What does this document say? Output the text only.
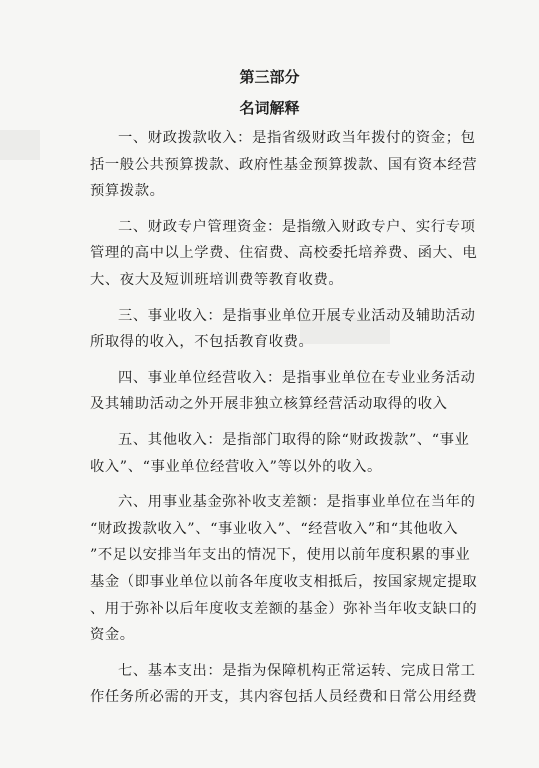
第三部分
名词解释
一、财政拨款收入：是指省级财政当年拨付的资金；包
括一般公共预算拨款、政府性基金预算拨款、国有资本经营
预算拨款。
二、财政专户管理资金：是指缴入财政专户、实行专项
管理的高中以上学费、住宿费、高校委托培养费、函大、电
大、夜大及短训班培训费等教育收费。
三、事业收入：是指事业单位开展专业活动及辅助活动
所取得的收入，不包括教育收费。
四、事业单位经营收入：是指事业单位在专业业务活动
及其辅助活动之外开展非独立核算经营活动取得的收入
五、其他收入：是指部门取得的除“财政拨款”、“事业
收入”、“事业单位经营收入”等以外的收入。
六、用事业基金弥补收支差额：是指事业单位在当年的
“财政拨款收入”、“事业收入”、“经营收入”和“其他收入
”不足以安排当年支出的情况下，使用以前年度积累的事业
基金（即事业单位以前各年度收支相抵后，按国家规定提取
、用于弥补以后年度收支差额的基金）弥补当年收支缺口的
资金。
七、基本支出：是指为保障机构正常运转、完成日常工
作任务所必需的开支，其内容包括人员经费和日常公用经费
